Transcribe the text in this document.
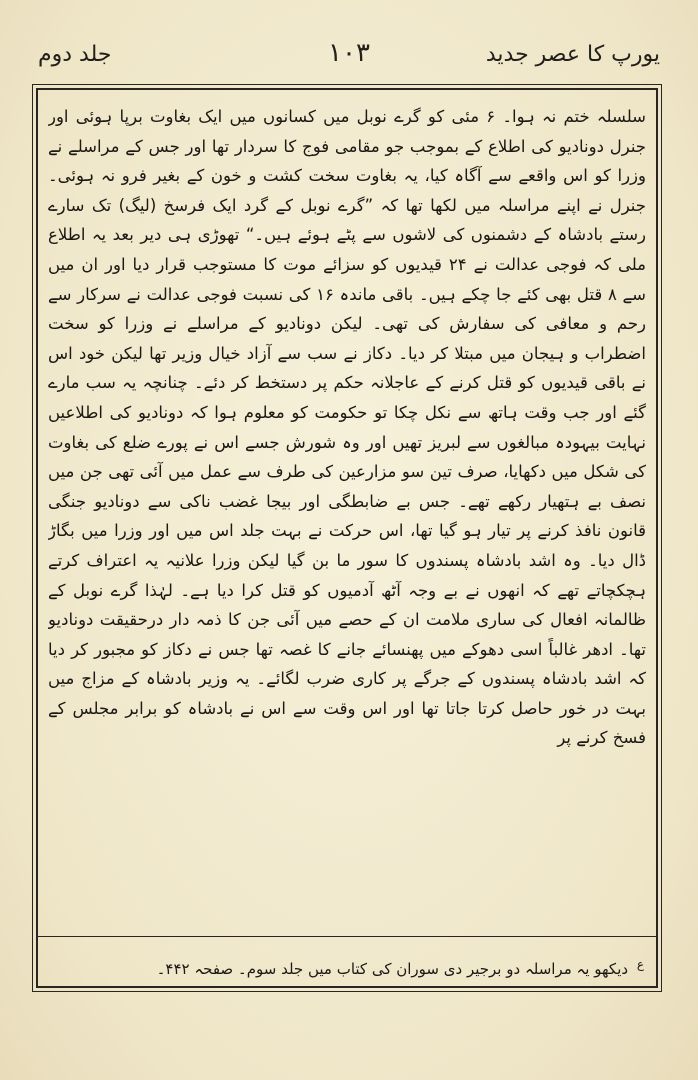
یورپ کا عصر جدید
۱۰۳
جلد دوم

سلسلہ ختم نہ ہوا۔ ۶ مئی کو گرے نوبل میں کسانوں میں ایک بغاوت برپا ہوئی اور جنرل دونادیو کی اطلاع کے بموجب جو مقامی فوج کا سردار تھا اور جس کے مراسلے نے وزرا کو اس واقعے سے آگاہ کیا، یہ بغاوت سخت کشت و خون کے بغیر فرو نہ ہوئی۔ جنرل نے اپنے مراسلہ میں لکھا تھا کہ ”گرے نوبل کے گرد ایک فرسخ (لیگ) تک سارے رستے بادشاہ کے دشمنوں کی لاشوں سے پٹے ہوئے ہیں۔“ تھوڑی ہی دیر بعد یہ اطلاع ملی کہ فوجی عدالت نے ۲۴ قیدیوں کو سزائے موت کا مستوجب قرار دیا اور ان میں سے ۸ قتل بھی کئے جا چکے ہیں۔ باقی ماندہ ۱۶ کی نسبت فوجی عدالت نے سرکار سے رحم و معافی کی سفارش کی تھی۔ لیکن دونادیو کے مراسلے نے وزرا کو سخت اضطراب و ہیجان میں مبتلا کر دیا۔ دکاز نے سب سے آزاد خیال وزیر تھا لیکن خود اس نے باقی قیدیوں کو قتل کرنے کے عاجلانہ حکم پر دستخط کر دئے۔ چنانچہ یہ سب مارے گئے اور جب وقت ہاتھ سے نکل چکا تو حکومت کو معلوم ہوا کہ دونادیو کی اطلاعیں نہایت بیہودہ مبالغوں سے لبریز تھیں اور وہ شورش جسے اس نے پورے ضلع کی بغاوت کی شکل میں دکھایا، صرف تین سو مزارعین کی طرف سے عمل میں آئی تھی جن میں نصف بے ہتھیار رکھے تھے۔ جس بے ضابطگی اور بیجا غضب ناکی سے دونادیو جنگی قانون نافذ کرنے پر تیار ہو گیا تھا، اس حرکت نے بہت جلد اس میں اور وزرا میں بگاڑ ڈال دیا۔ وہ اشد بادشاہ پسندوں کا سور ما بن گیا لیکن وزرا علانیہ یہ اعتراف کرتے ہچکچاتے تھے کہ انھوں نے بے وجہ آٹھ آدمیوں کو قتل کرا دیا ہے۔ لہٰذا گرے نوبل کے ظالمانہ افعال کی ساری ملامت ان کے حصے میں آئی جن کا ذمہ دار درحقیقت دونادیو تھا۔ ادھر غالباً اسی دھوکے میں پھنسائے جانے کا غصہ تھا جس نے دکاز کو مجبور کر دیا کہ اشد بادشاہ پسندوں کے جرگے پر کاری ضرب لگائے۔ یہ وزیر بادشاہ کے مزاج میں بہت در خور حاصل کرتا جاتا تھا اور اس وقت سے اس نے بادشاہ کو برابر مجلس کے فسخ کرنے پر

$^ع$ دیکھو یہ مراسلہ دو برجیر دی سوران کی کتاب میں جلد سوم۔ صفحہ ۴۴۲۔
